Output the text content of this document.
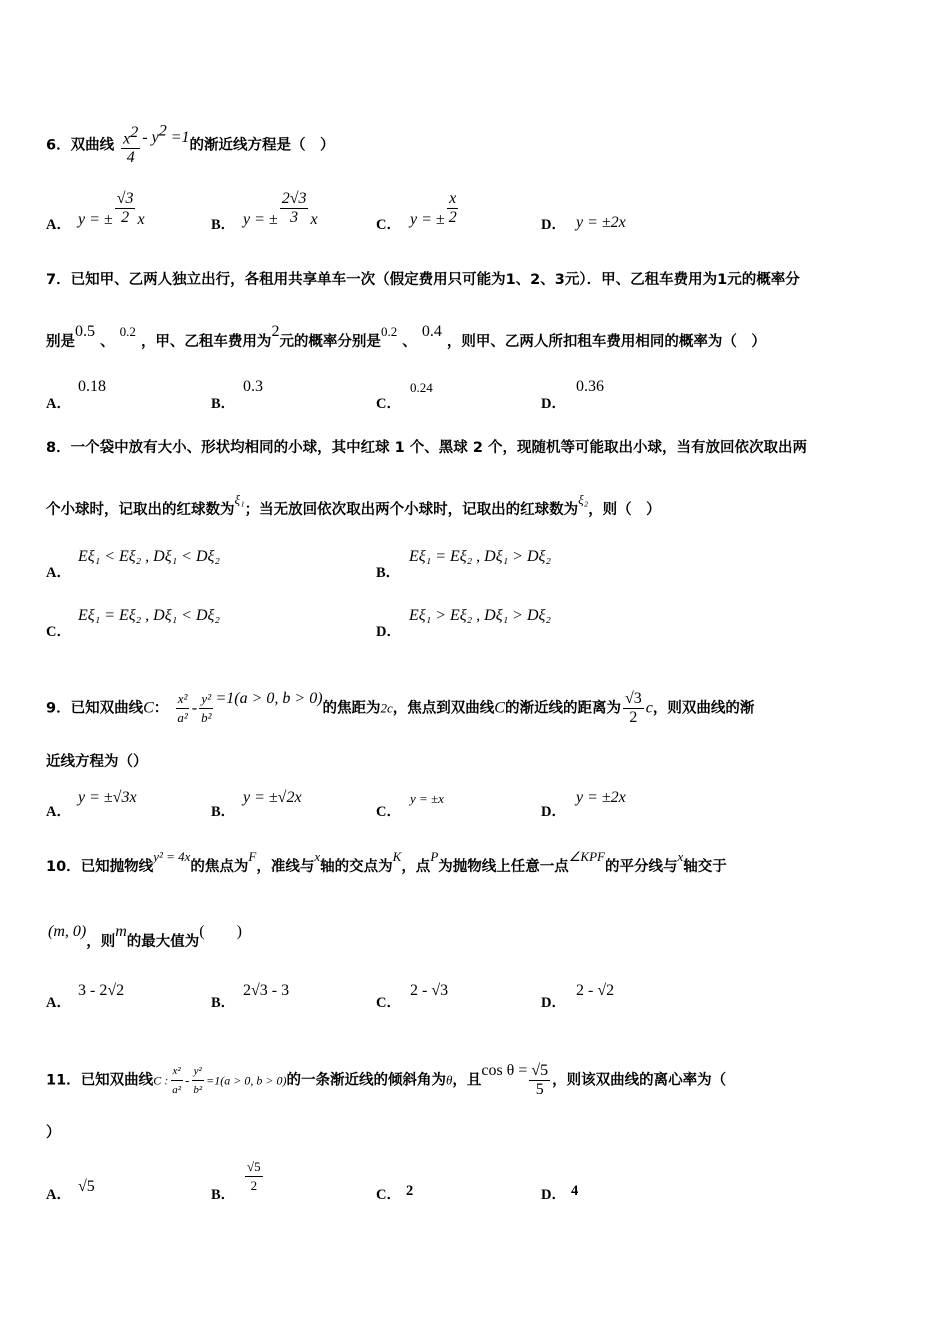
6．双曲线 $\frac{x^2}{4} - y^2 =1$的渐近线方程是（　）
A． y = ± $\frac{√3}{2}$ x	B． y = ± $\frac{2√3}{3}$ x	C． y = ± $\frac{x}{2}$	D． y = ±2x
7．已知甲、乙两人独立出行，各租用共享单车一次（假定费用只可能为1、2、3元）．甲、乙租车费用为1元的概率分
别是0.5 、 0.2 ，甲、乙租车费用为2元的概率分别是0.2 、 0.4 ，则甲、乙两人所扣租车费用相同的概率为（　）
A．
0.18
B．
0.3
C．
0.24
D．
0.36
8．一个袋中放有大小、形状均相同的小球，其中红球 1 个、黑球 2 个，现随机等可能取出小球，当有放回依次取出两
个小球时，记取出的红球数为ξ₁；当无放回依次取出两个小球时，记取出的红球数为ξ₂，则（　）
A．
Eξ₁ < Eξ₂ , Dξ₁ < Dξ₂
B．
Eξ₁ = Eξ₂ , Dξ₁ > Dξ₂
C．
Eξ₁ = Eξ₂ , Dξ₁ < Dξ₂
D．
Eξ₁ > Eξ₂ , Dξ₁ > Dξ₂
9．已知双曲线C： $\frac{\text{x²}}{\text{a²}} - \frac{\text{y²}}{\text{b²}} =1(a > 0$, b > 0)的焦距为2c，焦点到双曲线C的渐近线的距离为 $\frac{√3}{2}$ c，则双曲线的渐
近线方程为（）
A．
y = ±√3x
B．
y = ±√2x
C．
y = ±x
D．
y = ±2x
10．已知抛物线y² = 4x的焦点为F，准线与x轴的交点为K，点P为抛物线上任意一点∠KPF的平分线与x轴交于
(m, 0)，则m的最大值为(　　)
A．
3 - 2√2
B．
2√3 - 3
C．
2 - √3
D．
2 - √2
11．已知双曲线C : $\frac{\text{x²}}{\text{a²}} - \frac{\text{y²}}{\text{b²}} =1(a > 0$, b > 0)的一条渐近线的倾斜角为θ，且$\cos \theta = \frac{√5}{5}$ ，则该双曲线的离心率为（
）
A． √5	B． $\frac{√5}{2}$	C． 2	D． 4
